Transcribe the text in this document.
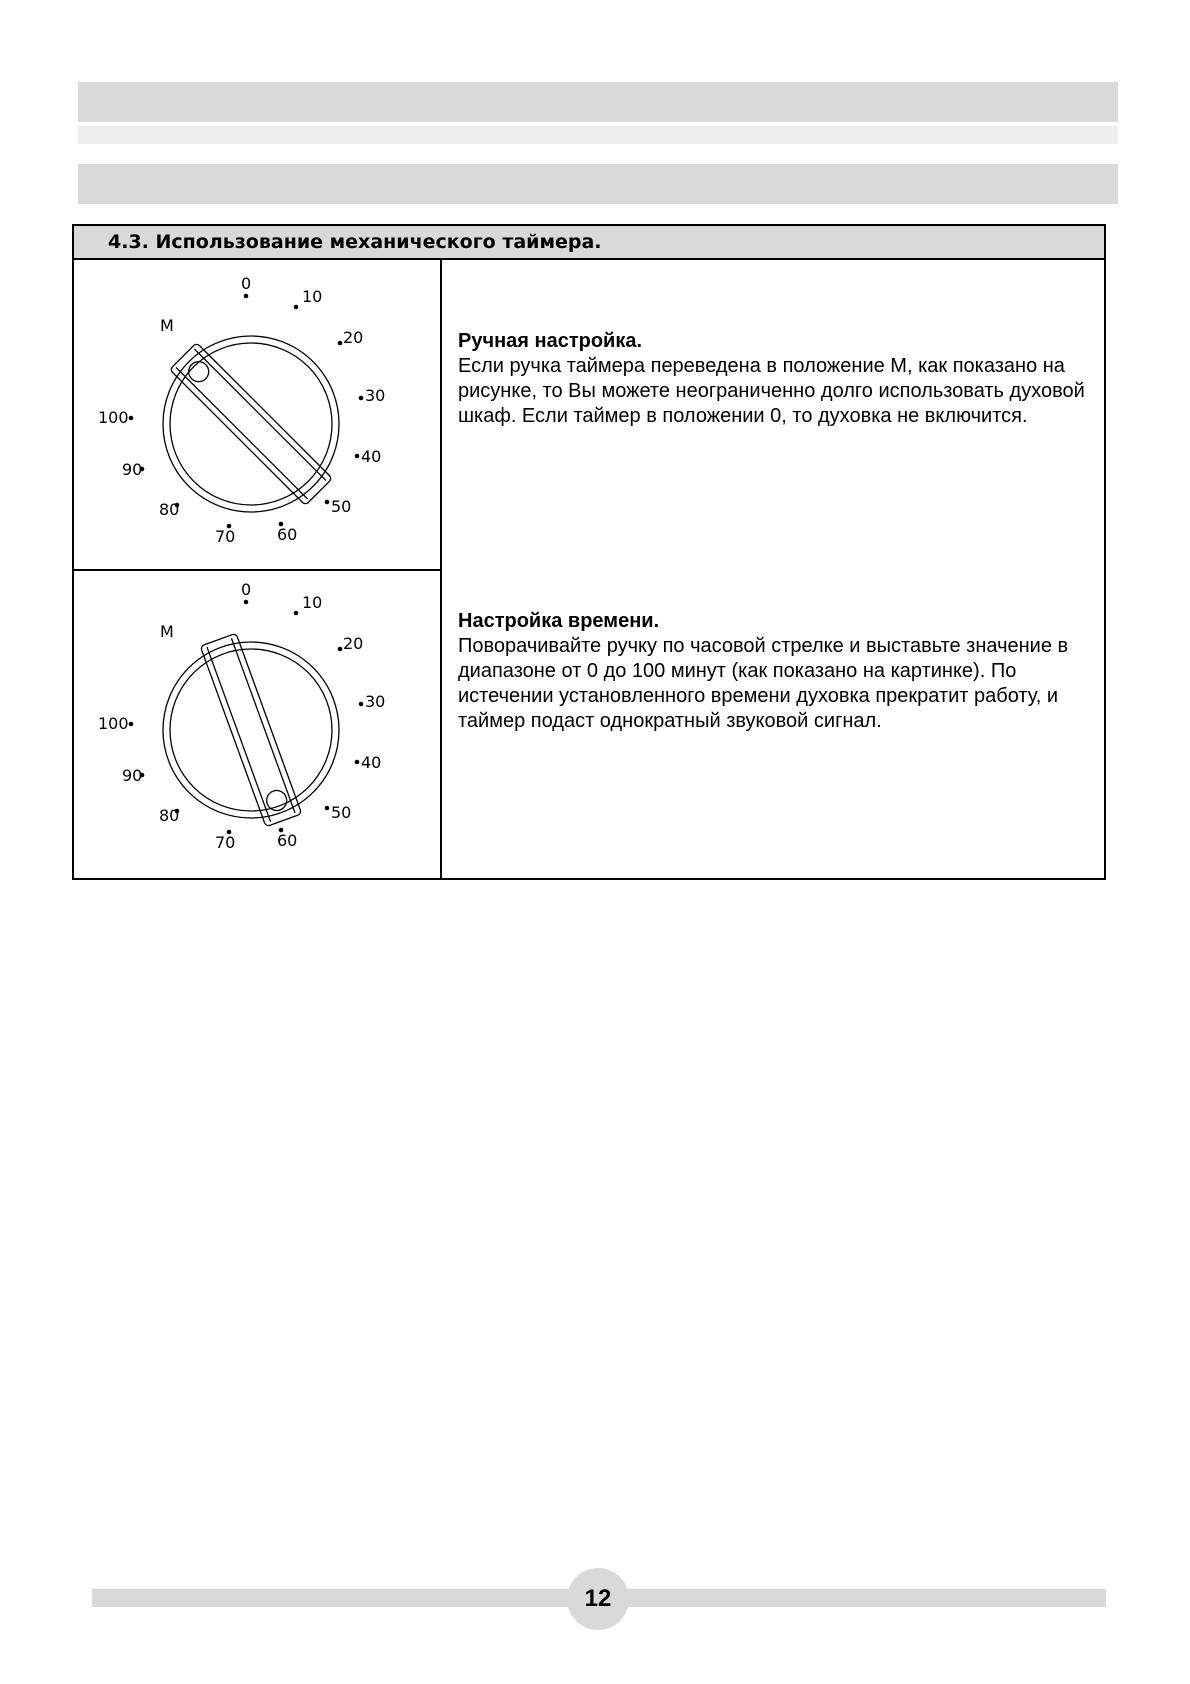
4.3. Использование механического таймера.
0
10
20
30
40
50
60
70
80
90
100
М
0
10
20
30
40
50
60
70
80
90
100
М
Ручная настройка.

Если ручка таймера переведена в положение М, как показано на рисунке, то Вы можете неограниченно долго использовать духовой шкаф. Если таймер в положении 0, то духовка не включится.

Настройка времени.

Поворачивайте ручку по часовой стрелке и выставьте значение в диапазоне от 0 до 100 минут (как показано на картинке). По истечении установленного времени духовка прекратит работу, и таймер подаст однократный звуковой сигнал.

12
